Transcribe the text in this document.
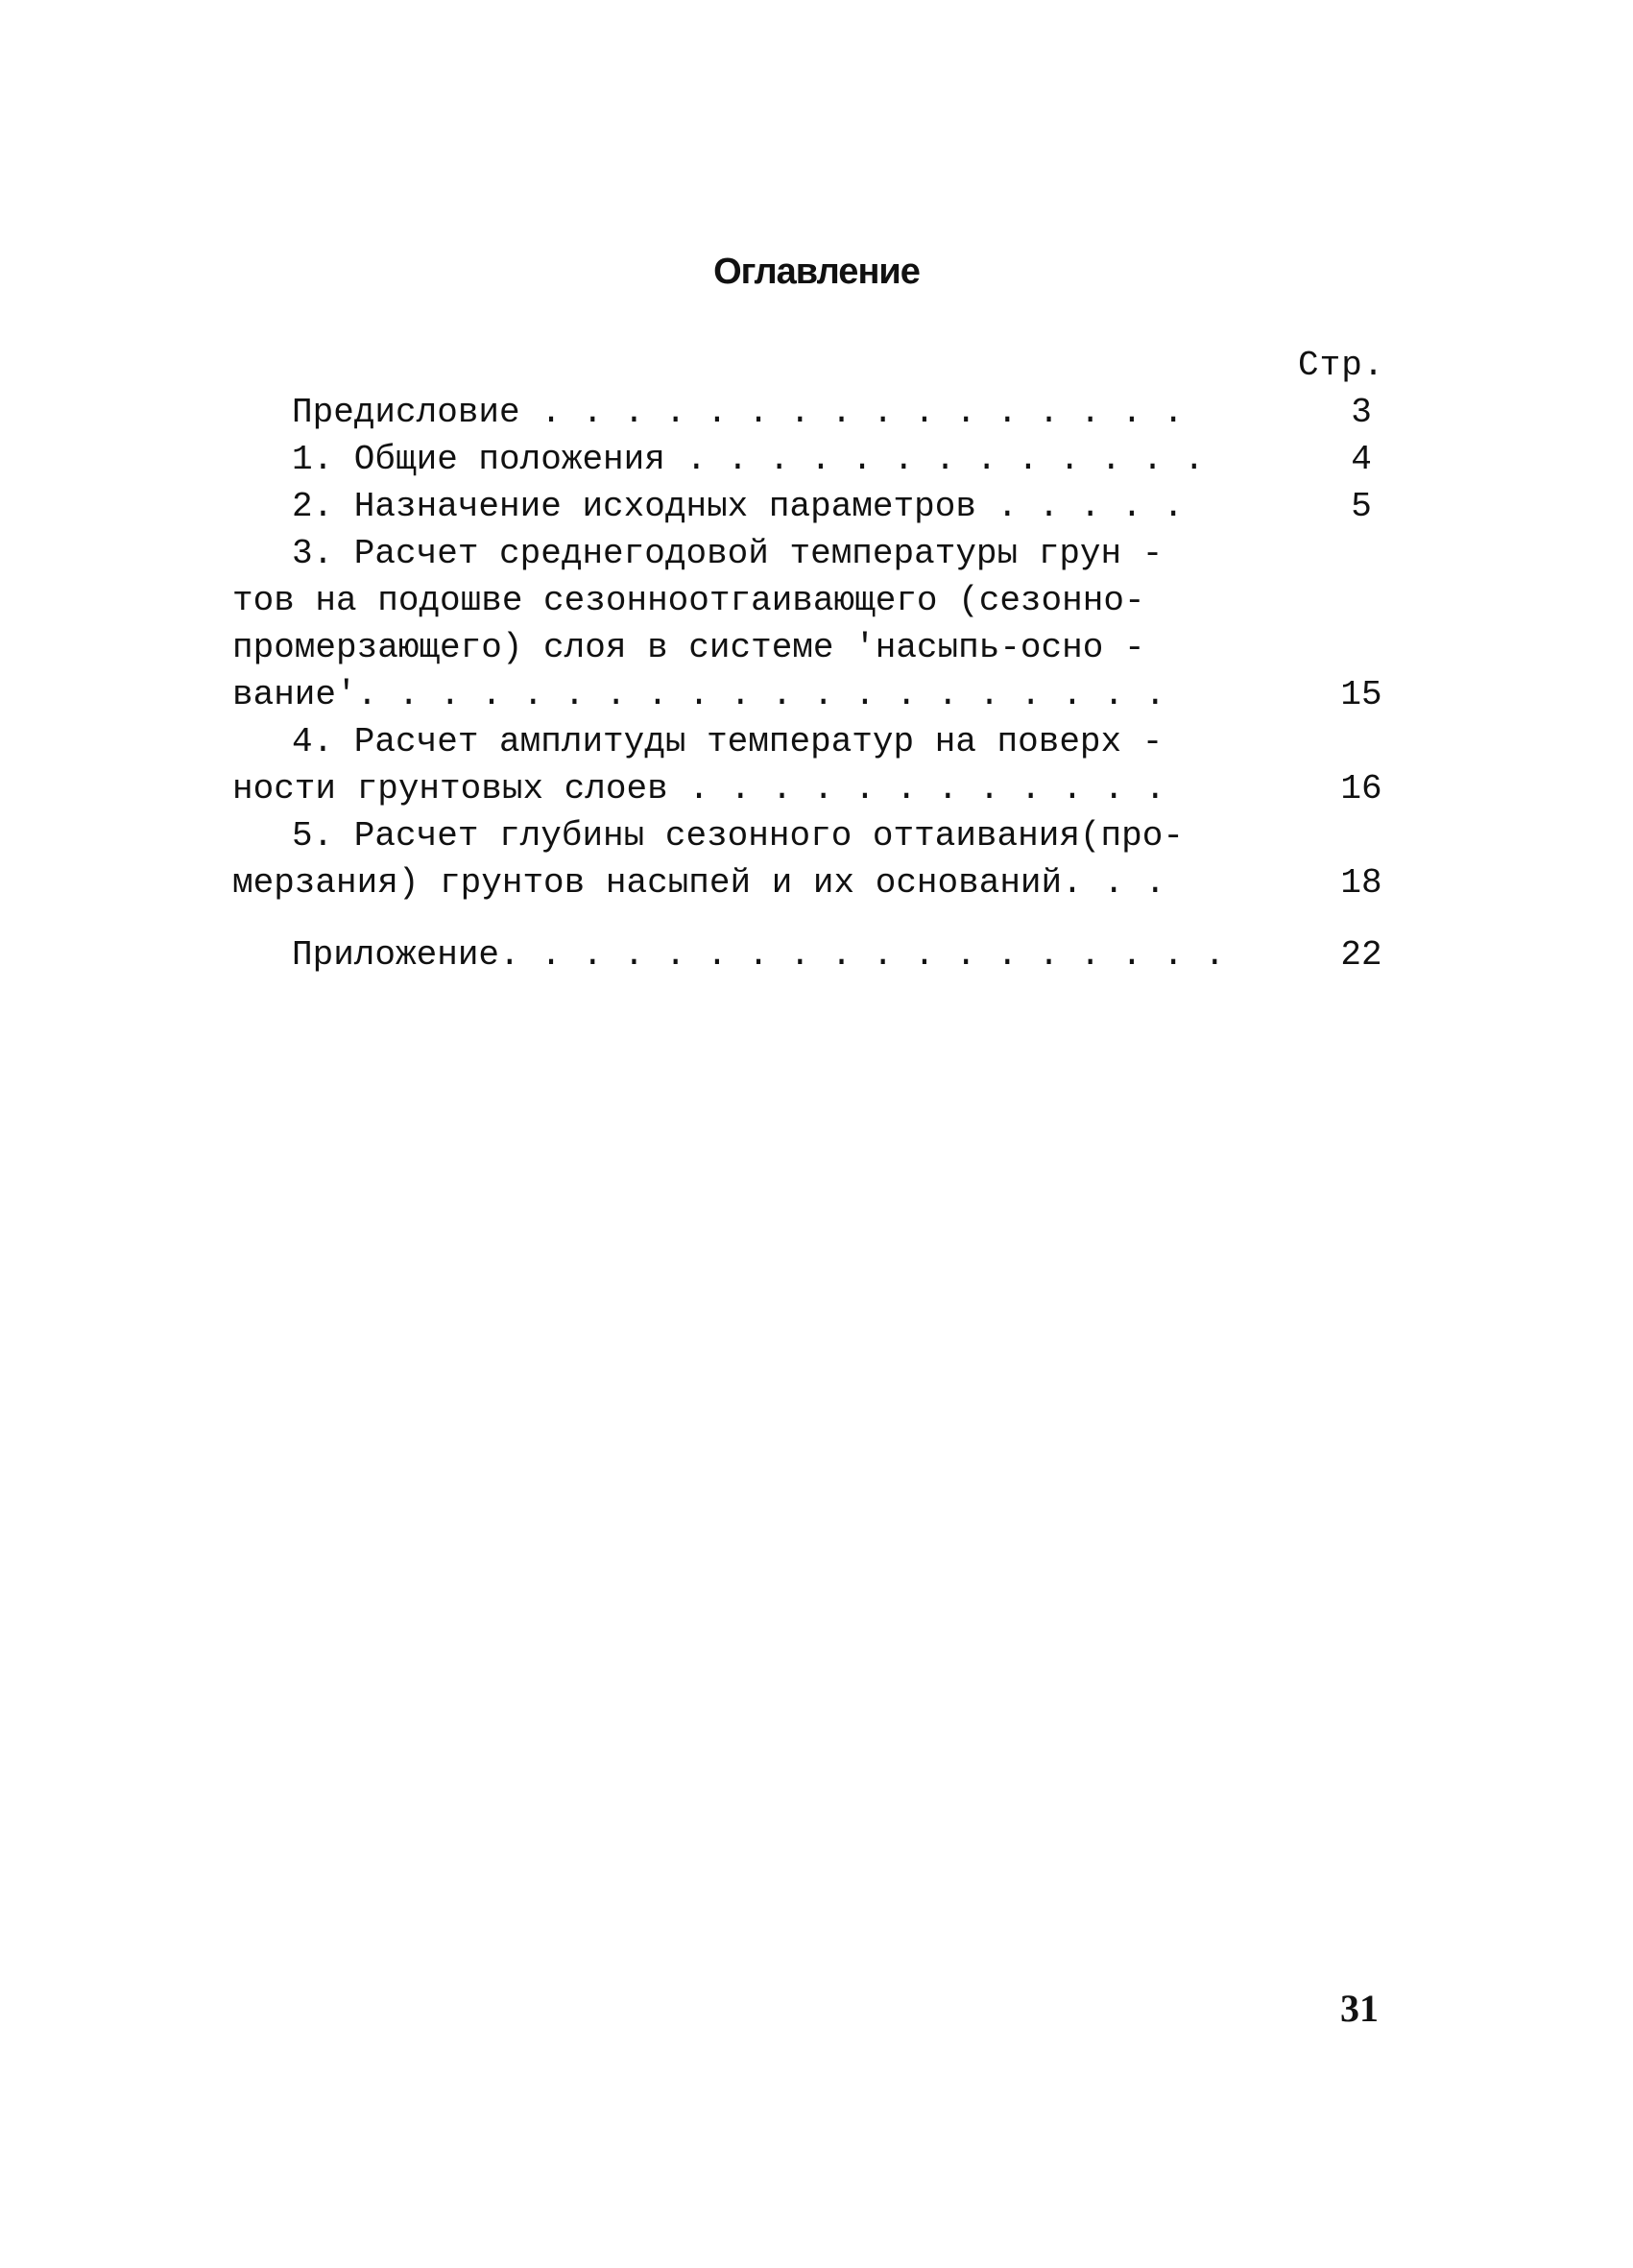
Оглавление
Стр.
Предисловие . . . . . . . . . . . . . . . .	3
1. Общие положения . . . . . . . . . . . . .	4
2. Назначение исходных параметров . . . . .	5
3. Расчет среднегодовой температуры грун -
тов на подошве сезонноотгаивающего (сезонно-
промерзающего) слоя в системе 'насыпь-осно -
вание'. . . . . . . . . . . . . . . . . . . .	15
4. Расчет амплитуды температур на поверх -
ности грунтовых слоев . . . . . . . . . . . .	16
5. Расчет глубины сезонного оттаивания(про-
мерзания) грунтов насыпей и их оснований. . .	18
Приложение. . . . . . . . . . . . . . . . . .	22
31
